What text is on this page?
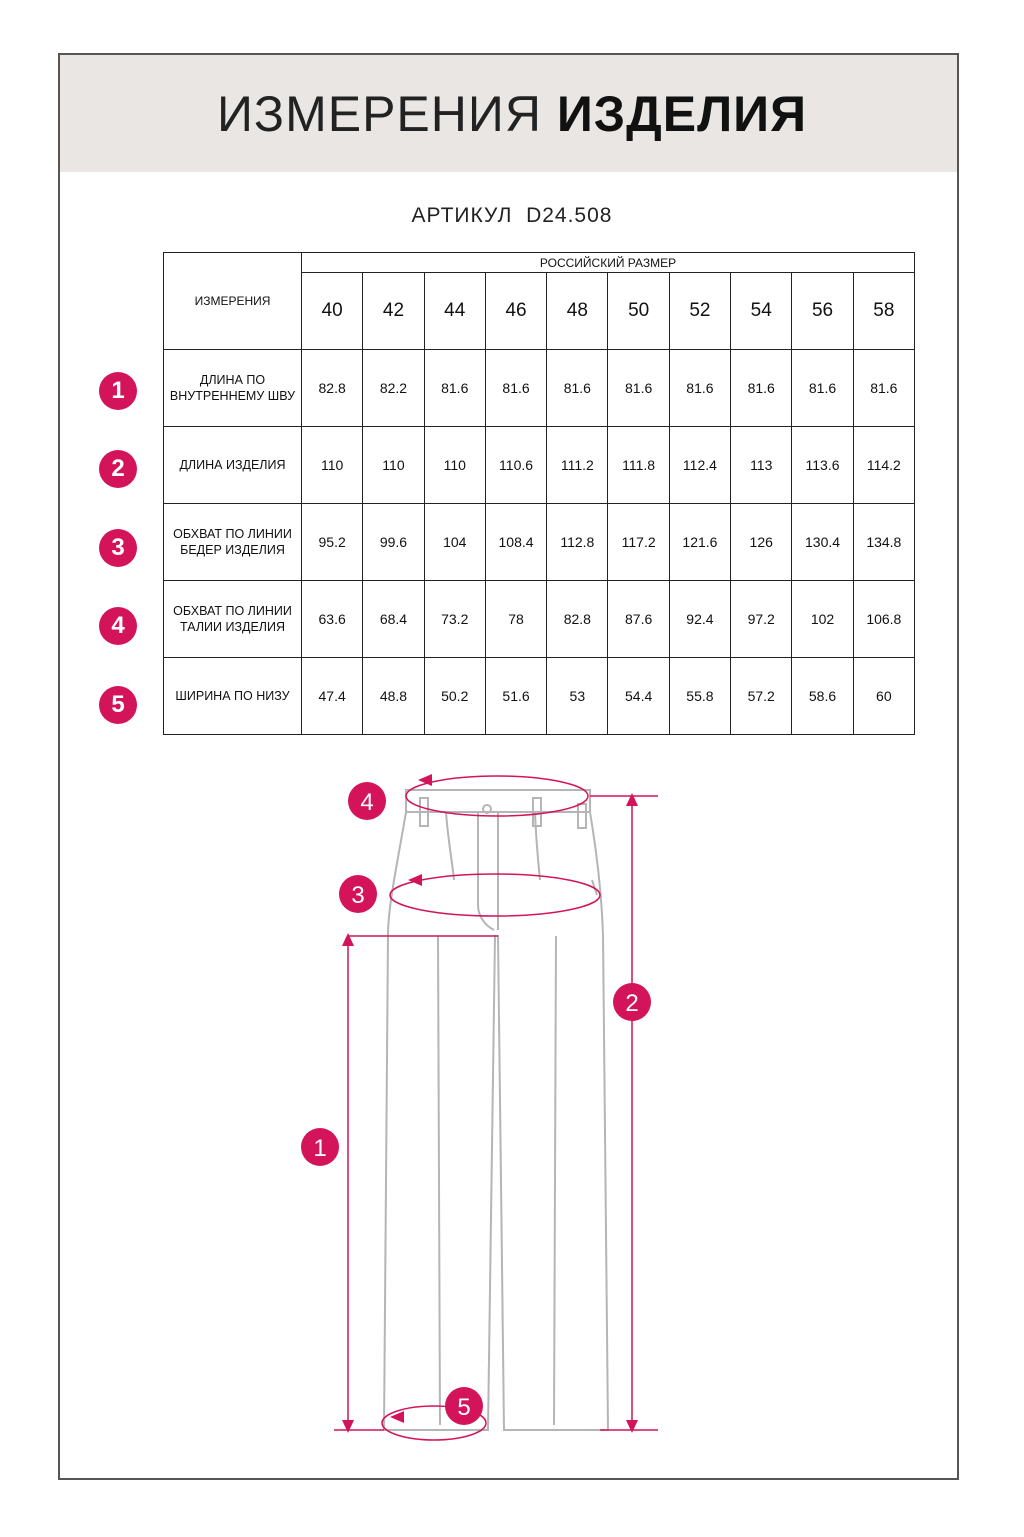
ИЗМЕРЕНИЯ ИЗДЕЛИЯ
АРТИКУЛ D24.508
ИЗМЕРЕНИЯ	РОССИЙСКИЙ РАЗМЕР									
	40	42	44	46	48	50	52	54	56	58
ДЛИНА ПО ВНУТРЕННЕМУ ШВУ	82.8	82.2	81.6	81.6	81.6	81.6	81.6	81.6	81.6	81.6
ДЛИНА ИЗДЕЛИЯ	110	110	110	110.6	111.2	111.8	112.4	113	113.6	114.2
ОБХВАТ ПО ЛИНИИ БЕДЕР ИЗДЕЛИЯ	95.2	99.6	104	108.4	112.8	117.2	121.6	126	130.4	134.8
ОБХВАТ ПО ЛИНИИ ТАЛИИ ИЗДЕЛИЯ	63.6	68.4	73.2	78	82.8	87.6	92.4	97.2	102	106.8
ШИРИНА ПО НИЗУ	47.4	48.8	50.2	51.6	53	54.4	55.8	57.2	58.6	60
1
2
3
4
5
4
3
2
1
5
